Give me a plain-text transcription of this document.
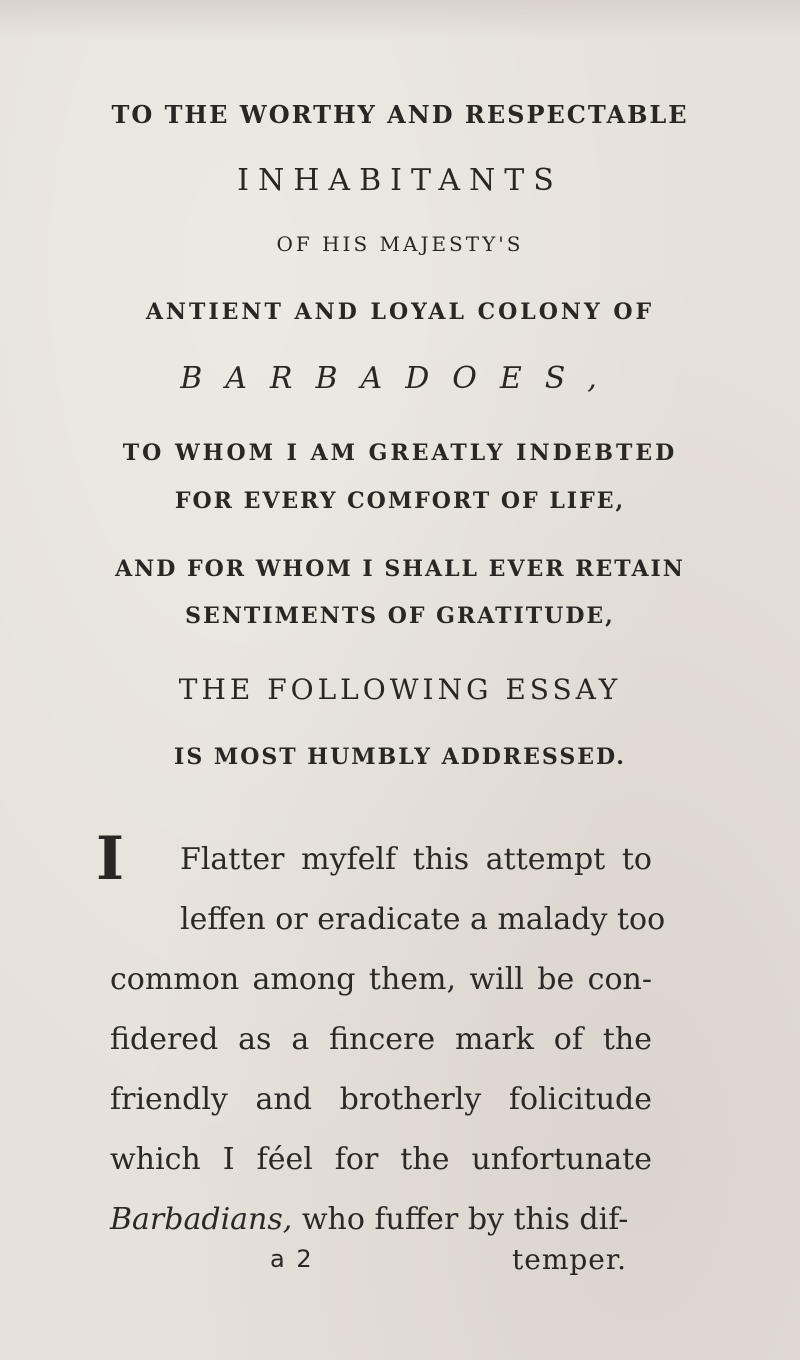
TO THE WORTHY AND RESPECTABLE
INHABITANTS
OF HIS MAJESTY'S
ANTIENT AND LOYAL COLONY OF
BARBADOES,
TO WHOM I AM GREATLY INDEBTED
FOR EVERY COMFORT OF LIFE,
AND FOR WHOM I SHALL EVER RETAIN
SENTIMENTS OF GRATITUDE,
THE FOLLOWING ESSAY
IS MOST HUMBLY ADDRESSED.
I Flatter myfelf this attempt to
leffen or eradicate a malady too
common among them, will be con-
fidered as a fincere mark of the
friendly and brotherly folicitude
which I féel for the unfortunate
Barbadians, who fuffer by this dif-
a 2	temper.
